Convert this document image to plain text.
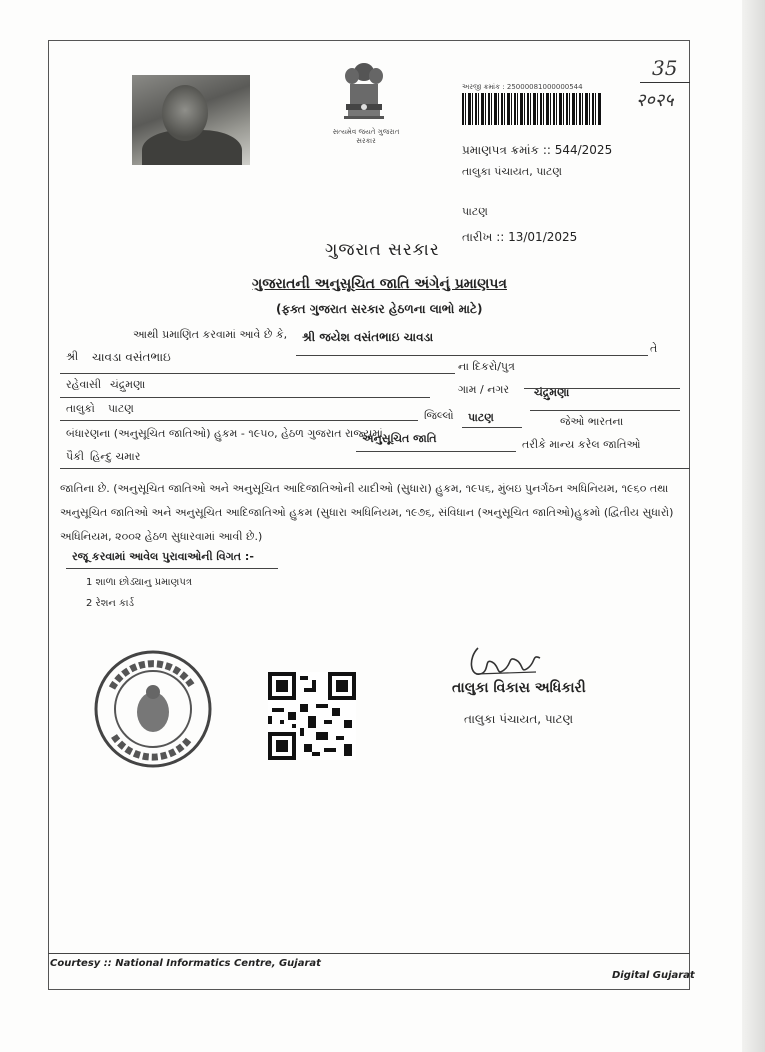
35
२०२५
સત્યમેવ જયતે ગુજરાત સરકાર
અરજી ક્રમાંક : 25000081000000544
પ્રમાણપત્ર ક્રમાંક :: 544/2025
તાલુકા પંચાયત, પાટણ
પાટણ
તારીખ :: 13/01/2025
ગુજરાત સરકાર
ગુજરાતની અનુસૂચિત જાતિ અંગેનું પ્રમાણપત્ર
(ફક્ત ગુજરાત સરકાર હેઠળના લાભો માટે)
આથી પ્રમાણિત કરવામાં આવે છે કે, શ્રી જયેશ વસંતભાઇ ચાવડા
તે
શ્રી ચાવડા વસંતભાઇ
ના દિકરો/પુત્ર
રહેવાસી ચંદ્રુમણા	ગામ / નગર ચંદ્રુમણા
તાલુકો પાટણ
જિલ્લો પાટણ	જેઓ ભારતના
બંધારણના (અનુસૂચિત જાતિઓ) હુકમ - ૧૯૫૦, હેઠળ ગુજરાત રાજ્યમાં
અનુસૂચિત જાતિ	તરીકે માન્ય કરેલ જાતિઓ
પૈકી હિન્દુ ચમાર
જાતિના છે. (અનુસૂચિત જાતિઓ અને અનુસૂચિત આદિજાતિઓની યાદીઓ (સુધારા) હુકમ, ૧૯૫૬, મુંબઇ પુનર્ગઠન અધિનિયમ, ૧૯૬૦ તથા
અનુસૂચિત જાતિઓ અને અનુસૂચિત આદિજાતિઓ હુકમ (સુધારા અધિનિયમ, ૧૯૭૬, સંવિધાન (અનુસૂચિત જાતિઓ)હુકમો (દ્વિતીય સુધારો)
અધિનિયમ, ૨૦૦૨ હેઠળ સુધારવામાં આવી છે.)
રજૂ કરવામાં આવેલ પુરાવાઓની વિગત :-
1 શાળા છોડ્યાનુ પ્રમાણપત્ર
2 રેશન કાર્ડ
તાલુકા વિકાસ અધિકારી
તાલુકા પંચાયત, પાટણ
Courtesy :: National Informatics Centre, Gujarat
Digital Gujarat
